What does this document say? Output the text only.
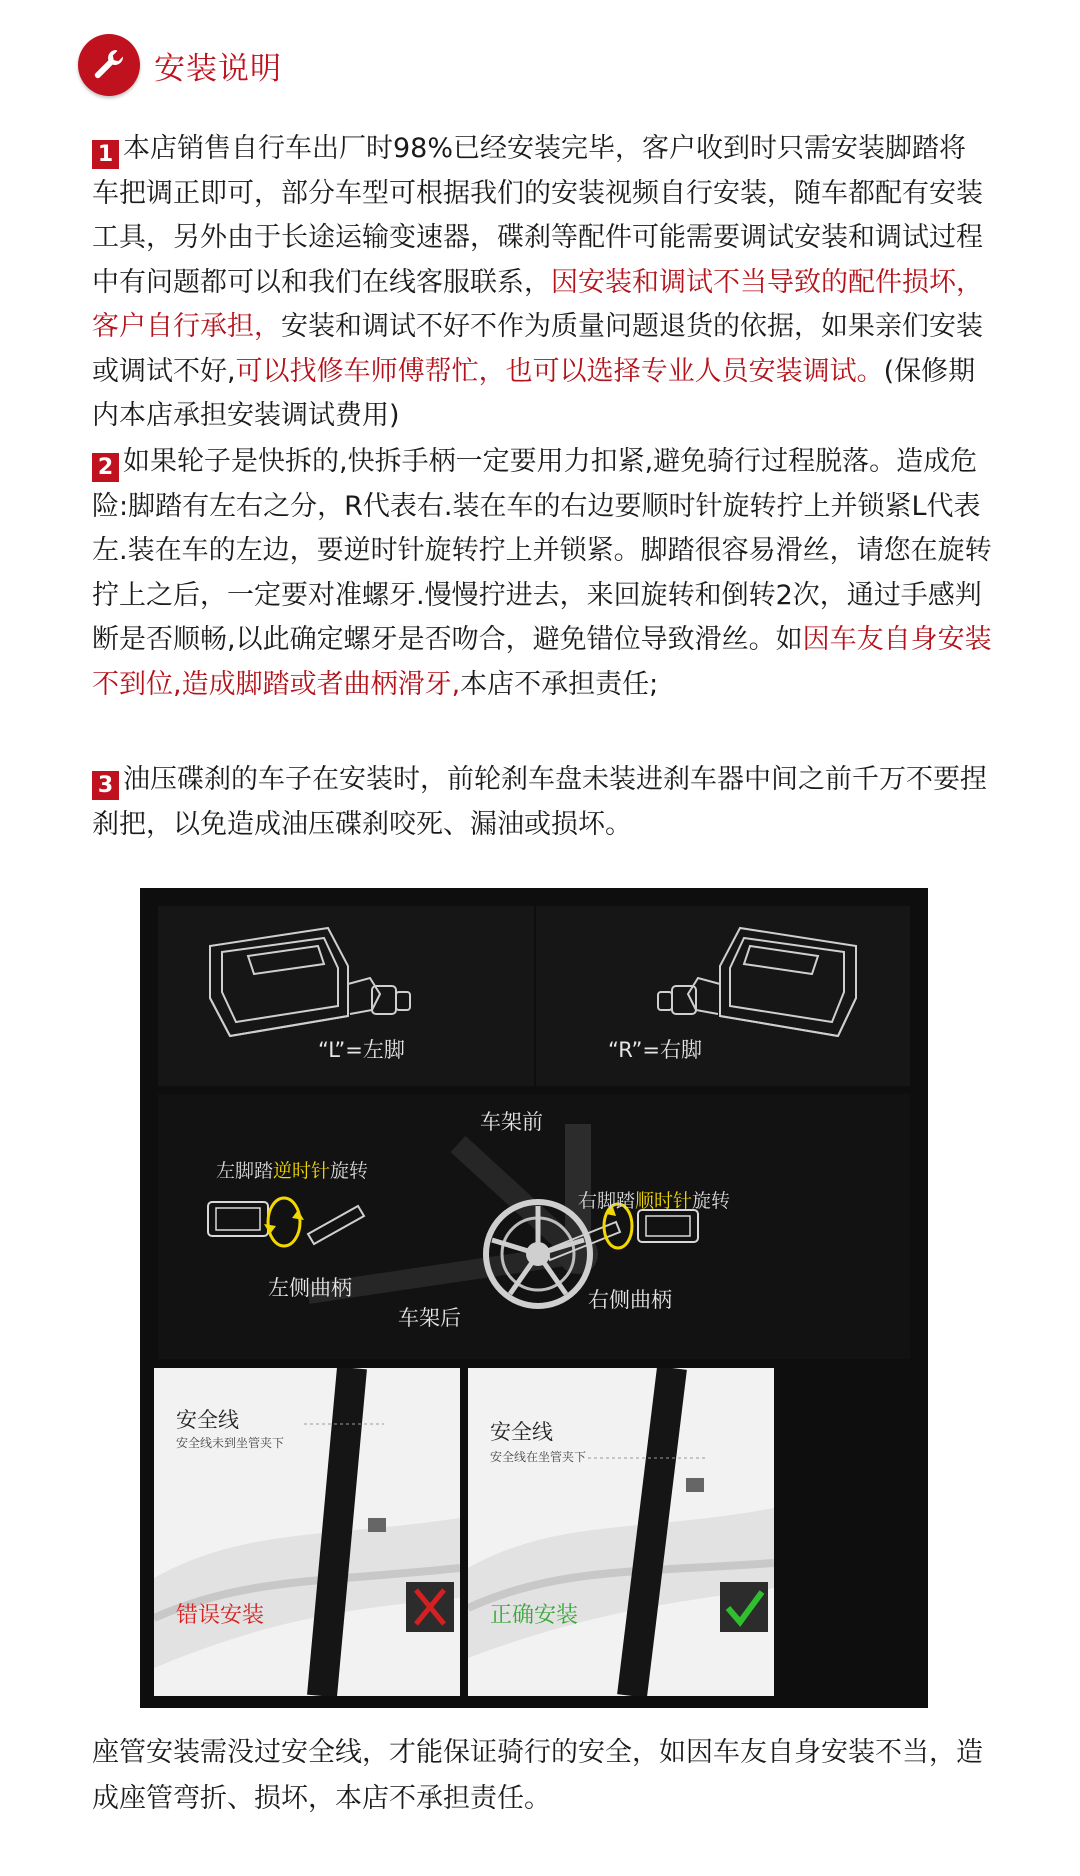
安装说明
1 本店销售自行车出厂时98%已经安装完毕，客户收到时只需安装脚踏将车把调正即可，部分车型可根据我们的安装视频自行安装，随车都配有安装工具，另外由于长途运输变速器，碟刹等配件可能需要调试安装和调试过程中有问题都可以和我们在线客服联系，因安装和调试不当导致的配件损坏，客户自行承担，安装和调试不好不作为质量问题退货的依据，如果亲们安装或调试不好,可以找修车师傅帮忙，也可以选择专业人员安装调试。(保修期内本店承担安装调试费用)
2 如果轮子是快拆的,快拆手柄一定要用力扣紧,避免骑行过程脱落。造成危险:脚踏有左右之分，R代表右.装在车的右边要顺时针旋转拧上并锁紧L代表左.装在车的左边，要逆时针旋转拧上并锁紧。脚踏很容易滑丝，请您在旋转拧上之后，一定要对准螺牙.慢慢拧进去，来回旋转和倒转2次，通过手感判断是否顺畅,以此确定螺牙是否吻合，避免错位导致滑丝。如因车友自身安装不到位,造成脚踏或者曲柄滑牙,本店不承担责任;
3 油压碟刹的车子在安装时，前轮刹车盘未装进刹车器中间之前千万不要捏刹把，以免造成油压碟刹咬死、漏油或损坏。
“L”=左脚	“R”=右脚
车架前
左脚踏逆时针旋转
右脚踏顺时针旋转
左侧曲柄
车架后
右侧曲柄
安全线
安全线未到坐管夹下
错误安装
安全线
安全线在坐管夹下
正确安装
座管安装需没过安全线，才能保证骑行的安全，如因车友自身安装不当，造成座管弯折、损坏，本店不承担责任。
